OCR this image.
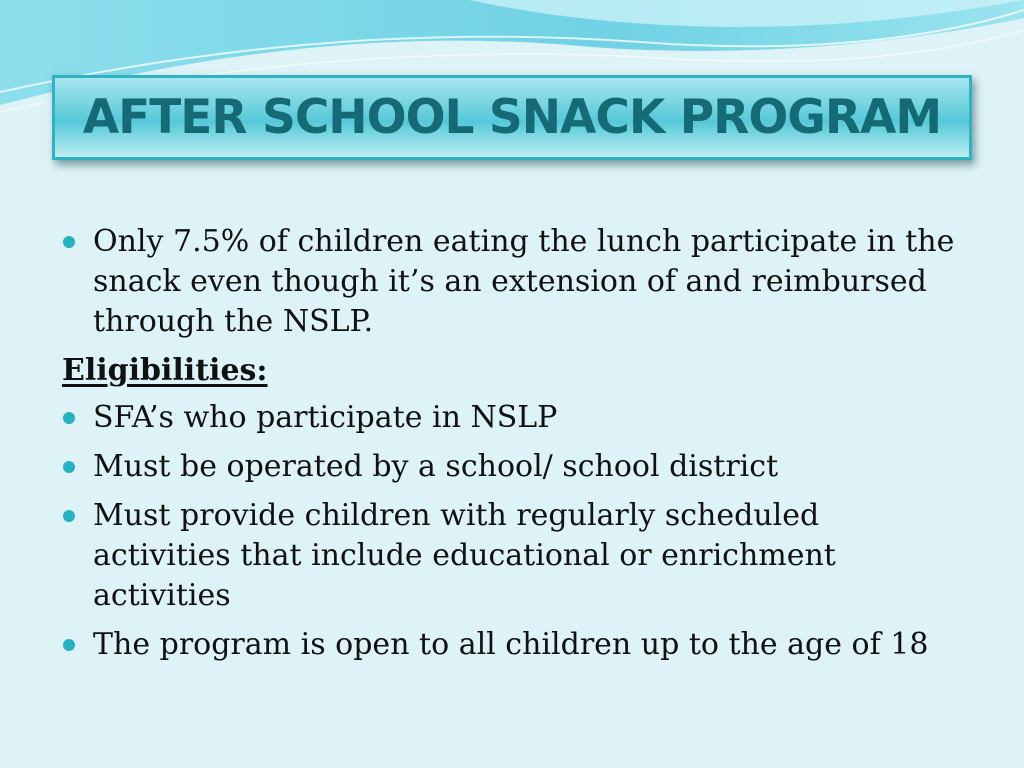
AFTER SCHOOL SNACK PROGRAM
Only 7.5% of children eating the lunch participate in the snack even though it’s an extension of and reimbursed through the NSLP.
Eligibilities:
SFA’s who participate in NSLP
Must be operated by a school/ school district
Must provide children with regularly scheduled activities that include educational or enrichment activities
The program is open to all children up to the age of 18
